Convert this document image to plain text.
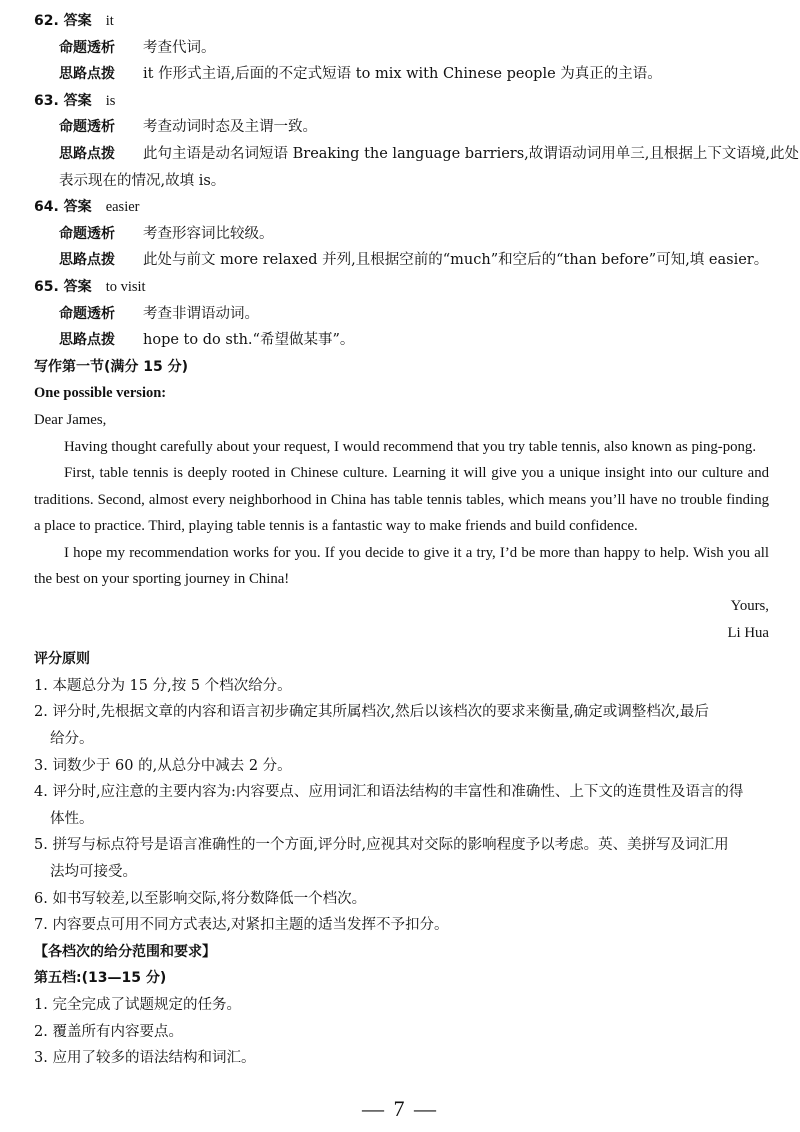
62. 答案 it
命题透析 考查代词。
思路点拨 it 作形式主语,后面的不定式短语 to mix with Chinese people 为真正的主语。
63. 答案 is
命题透析 考查动词时态及主谓一致。
思路点拨 此句主语是动名词短语 Breaking the language barriers,故谓语动词用单三,且根据上下文语境,此处
表示现在的情况,故填 is。
64. 答案 easier
命题透析 考查形容词比较级。
思路点拨 此处与前文 more relaxed 并列,且根据空前的“much”和空后的“than before”可知,填 easier。
65. 答案 to visit
命题透析 考查非谓语动词。
思路点拨 hope to do sth.“希望做某事”。
写作第一节(满分 15 分)
One possible version:
Dear James,
Having thought carefully about your request, I would recommend that you try table tennis, also known as ping-pong.
First, table tennis is deeply rooted in Chinese culture. Learning it will give you a unique insight into our culture and traditions. Second, almost every neighborhood in China has table tennis tables, which means you’ll have no trouble finding a place to practice. Third, playing table tennis is a fantastic way to make friends and build confidence.
I hope my recommendation works for you. If you decide to give it a try, I’d be more than happy to help. Wish you all the best on your sporting journey in China!
Yours,
Li Hua
评分原则
1. 本题总分为 15 分,按 5 个档次给分。
2. 评分时,先根据文章的内容和语言初步确定其所属档次,然后以该档次的要求来衡量,确定或调整档次,最后
给分。
3. 词数少于 60 的,从总分中减去 2 分。
4. 评分时,应注意的主要内容为:内容要点、应用词汇和语法结构的丰富性和准确性、上下文的连贯性及语言的得
体性。
5. 拼写与标点符号是语言准确性的一个方面,评分时,应视其对交际的影响程度予以考虑。英、美拼写及词汇用
法均可接受。
6. 如书写较差,以至影响交际,将分数降低一个档次。
7. 内容要点可用不同方式表达,对紧扣主题的适当发挥不予扣分。
【各档次的给分范围和要求】
第五档:(13—15 分)
1. 完全完成了试题规定的任务。
2. 覆盖所有内容要点。
3. 应用了较多的语法结构和词汇。
— 7 —
